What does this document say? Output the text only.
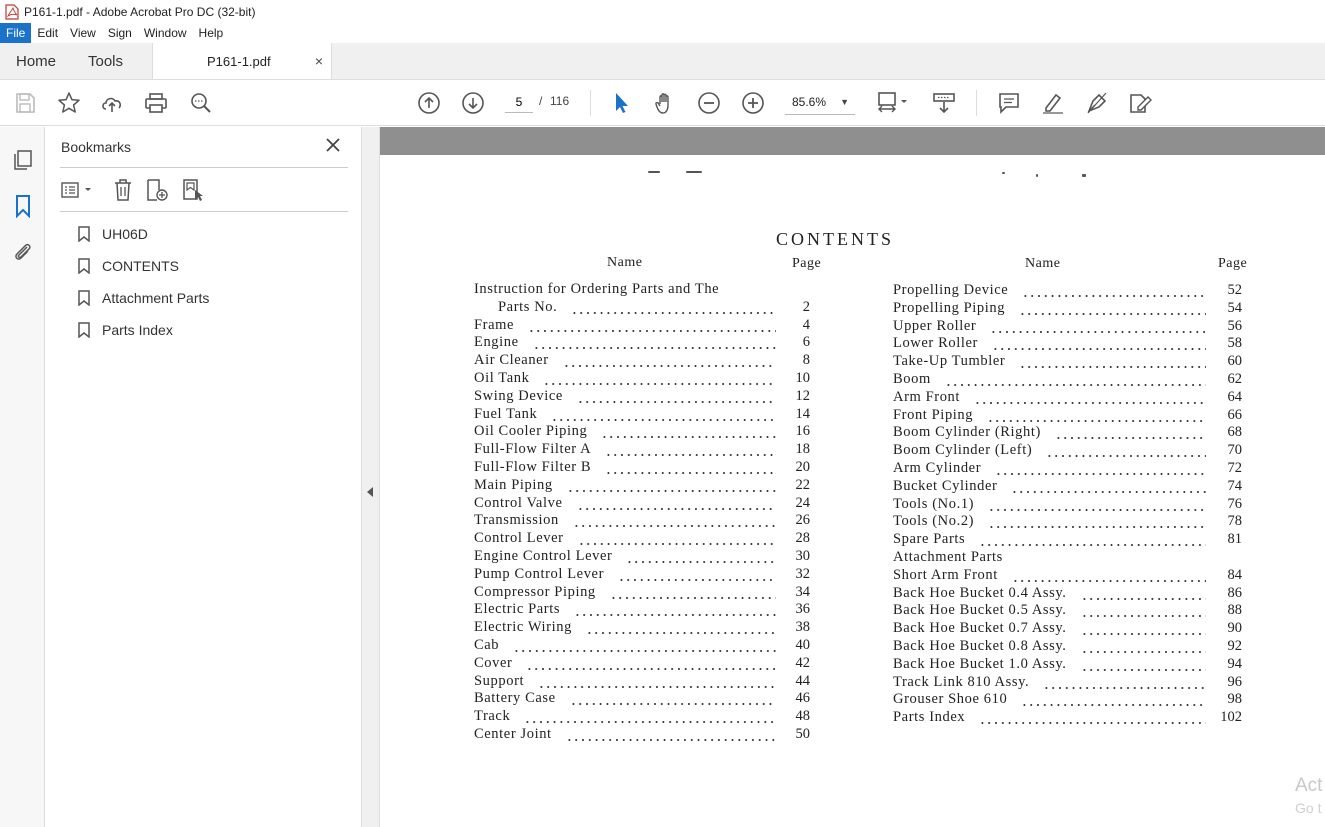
P161-1.pdf - Adobe Acrobat Pro DC (32-bit)
File	Edit	View	Sign	Window	Help
Home	Tools	P161-1.pdf	×
5
/ 116	85.6% ▼
Bookmarks
UH06D
CONTENTS
Attachment Parts
Parts Index
CONTENTS
Name	Page	Name	Page
Instruction for Ordering Parts and The
Parts No.	2
Frame	4
Engine	6
Air Cleaner	8
Oil Tank	10
Swing Device	12
Fuel Tank	14
Oil Cooler Piping	16
Full-Flow Filter A	18
Full-Flow Filter B	20
Main Piping	22
Control Valve	24
Transmission	26
Control Lever	28
Engine Control Lever	30
Pump Control Lever	32
Compressor Piping	34
Electric Parts	36
Electric Wiring	38
Cab	40
Cover	42
Support	44
Battery Case	46
Track	48
Center Joint	50
Propelling Device	52
Propelling Piping	54
Upper Roller	56
Lower Roller	58
Take-Up Tumbler	60
Boom	62
Arm Front	64
Front Piping	66
Boom Cylinder (Right)	68
Boom Cylinder (Left)	70
Arm Cylinder	72
Bucket Cylinder	74
Tools (No.1)	76
Tools (No.2)	78
Spare Parts	81
Attachment Parts
Short Arm Front	84
Back Hoe Bucket 0.4 Assy.	86
Back Hoe Bucket 0.5 Assy.	88
Back Hoe Bucket 0.7 Assy.	90
Back Hoe Bucket 0.8 Assy.	92
Back Hoe Bucket 1.0 Assy.	94
Track Link 810 Assy.	96
Grouser Shoe 610	98
Parts Index	102
Act
Go t
